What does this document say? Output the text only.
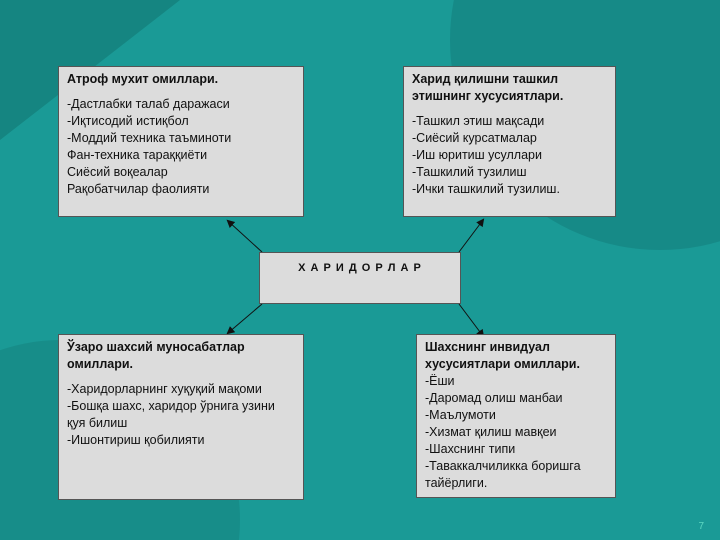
Атроф мухит омиллари.
-Дастлабки талаб даражаси
-Иқтисодий истиқбол
-Моддий техника таъминоти
Фан-техника тараққиёти
Сиёсий воқеалар
Рақобатчилар фаолияти
Харид қилишни ташкил этишнинг хусусиятлари.
-Ташкил этиш мақсади
-Сиёсий курсатмалар
-Иш юритиш усуллари
-Ташкилий тузилиш
-Ички ташкилий тузилиш.
Х А Р И Д О Р Л А Р
Ўзаро шахсий муносабатлар омиллари.
-Харидорларнинг хуқуқий мақоми
-Бошқа шахс, харидор ўрнига узини қуя билиш
-Ишонтириш қобилияти
Шахснинг инвидуал хусусиятлари омиллари.
-Ёши
-Даромад олиш манбаи
-Маълумоти
-Хизмат қилиш мавқеи
-Шахснинг типи
-Таваккалчиликка боришга тайёрлиги.
7
